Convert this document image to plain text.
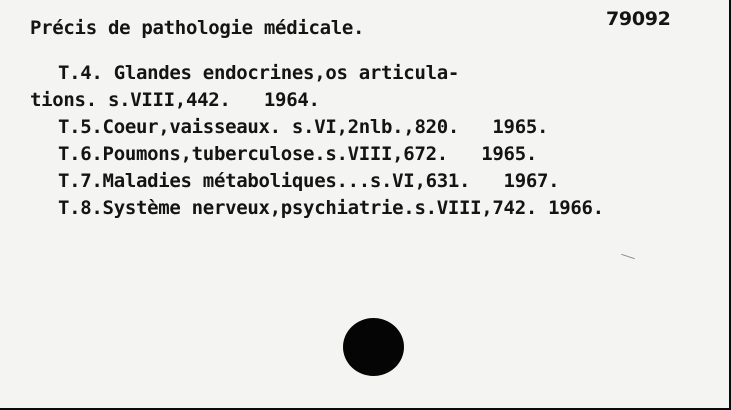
Précis de pathologie médicale.	79092
T.4. Glandes endocrines,os articula-
tions. s.VIII,442.   1964.
T.5.Coeur,vaisseaux. s.VI,2nlb.,820.   1965.
T.6.Poumons,tuberculose.s.VIII,672.   1965.
T.7.Maladies métaboliques...s.VI,631.   1967.
T.8.Système nerveux,psychiatrie.s.VIII,742. 1966.
